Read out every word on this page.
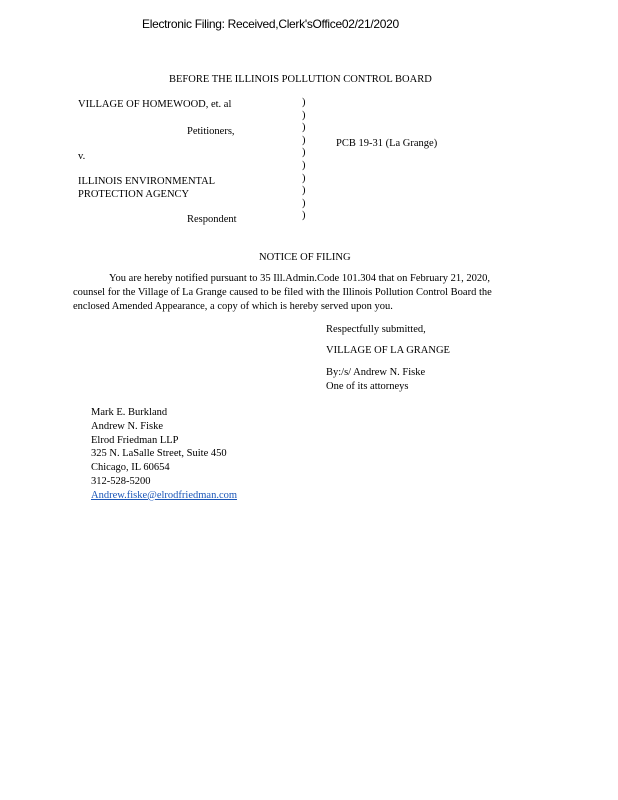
Electronic Filing: Received,Clerk'sOffice02/21/2020
BEFORE THE ILLINOIS POLLUTION CONTROL BOARD
VILLAGE OF HOMEWOOD, et. al
Petitioners,
v.
ILLINOIS ENVIRONMENTAL
PROTECTION AGENCY
Respondent
PCB 19-31 (La Grange)
)
)
)
)
)
)
)
)
)
)
NOTICE OF FILING
You are hereby notified pursuant to 35 Ill.Admin.Code 101.304 that on February 21, 2020,
counsel for the Village of La Grange caused to be filed with the Illinois Pollution Control Board the
enclosed Amended Appearance, a copy of which is hereby served upon you.
Respectfully submitted,
VILLAGE OF LA GRANGE
By:/s/ Andrew N. Fiske
One of its attorneys
Mark E. Burkland
Andrew N. Fiske
Elrod Friedman LLP
325 N. LaSalle Street, Suite 450
Chicago, IL 60654
312-528-5200
Andrew.fiske@elrodfriedman.com
